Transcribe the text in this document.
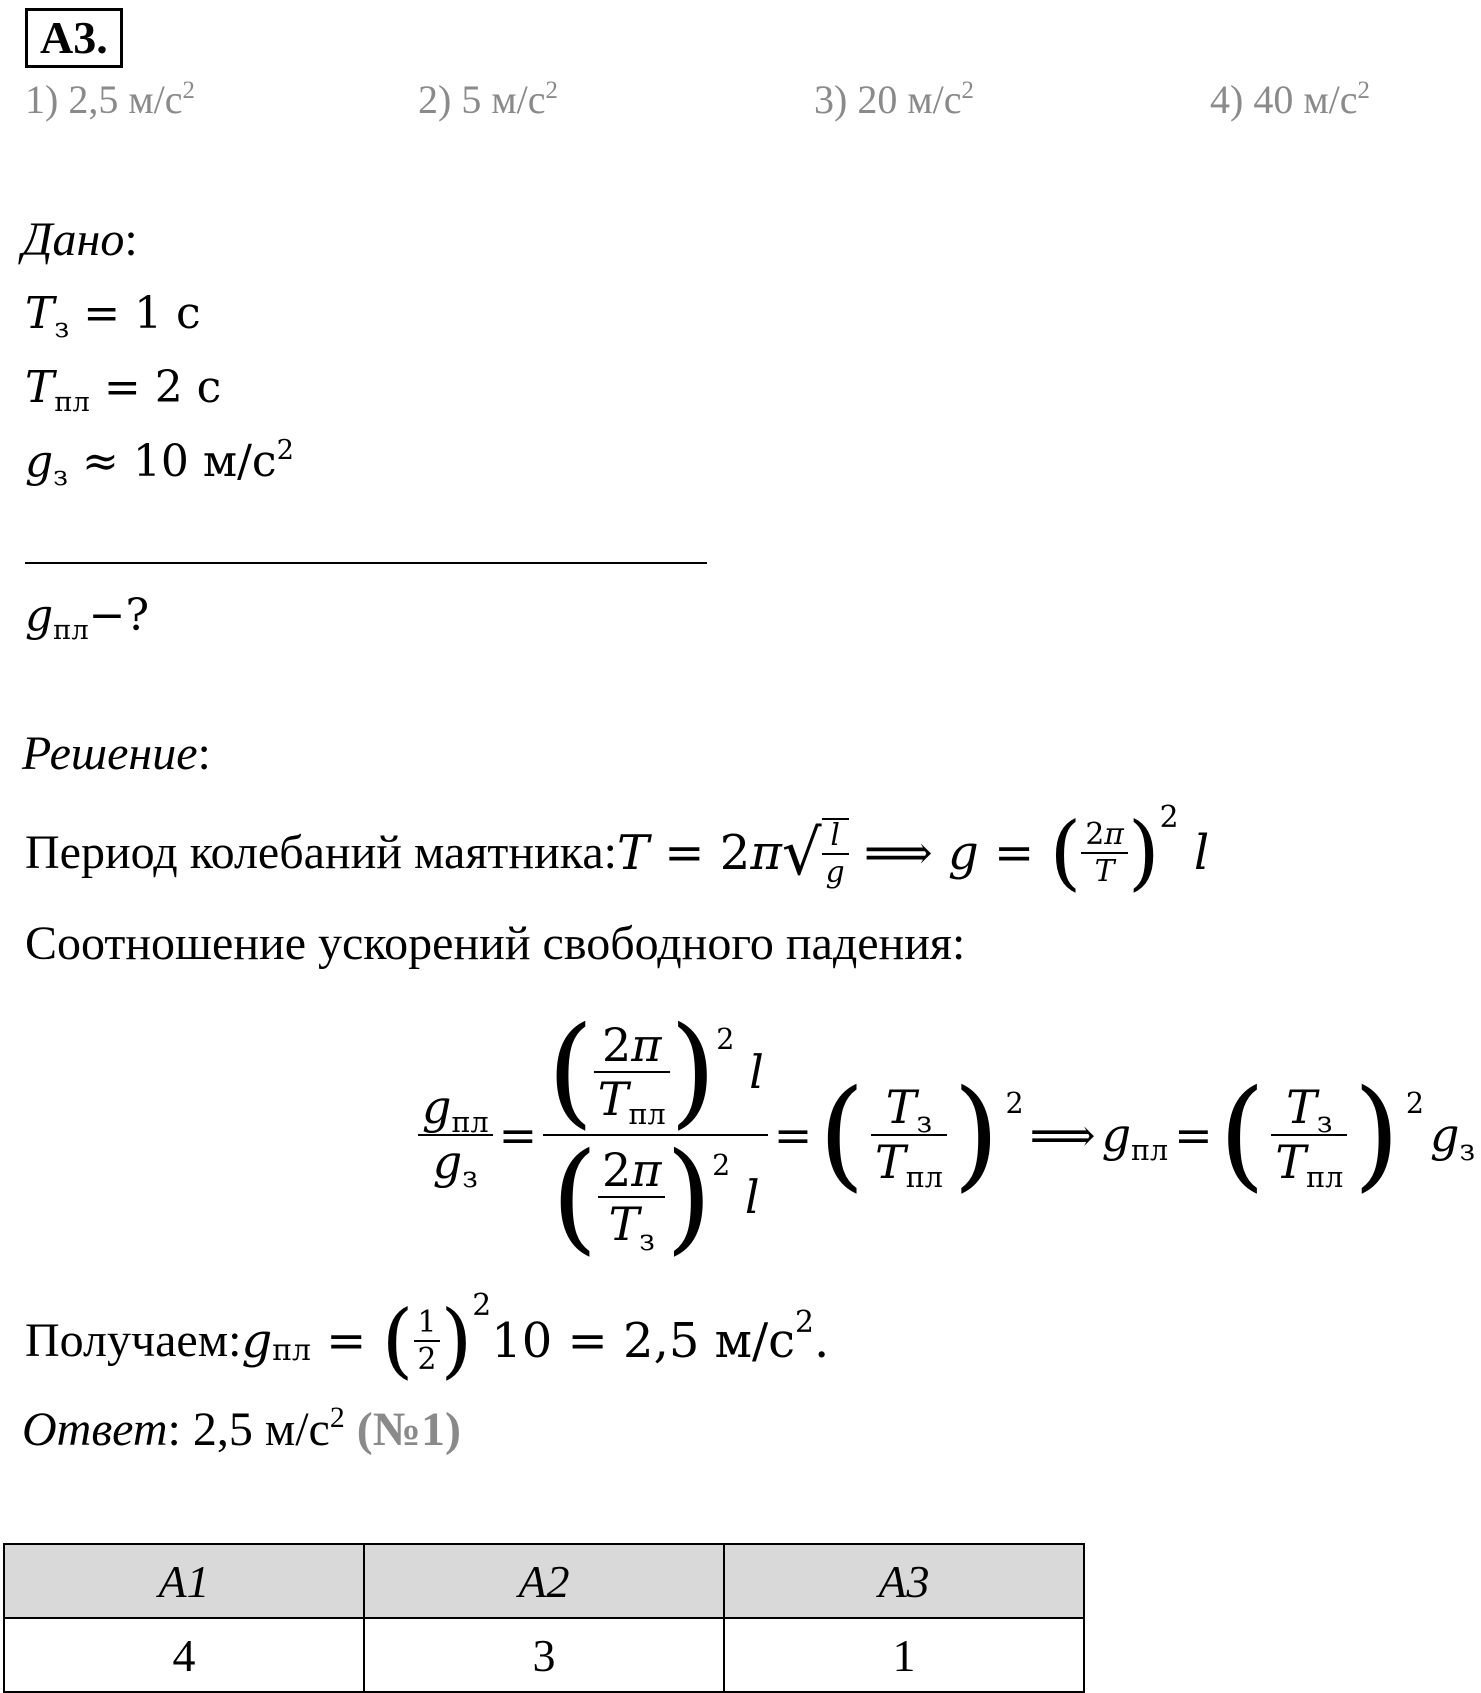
А3.
1) 2,5 $м/с^2$	2) 5 $м/с^2$	3) 20 $м/с^2$	4) 40 $м/с^2$
Дано:
Tз = 1 с
Tпл = 2 с
gз ≈ 10 $м/с^2$
gпл−?
Решение:
Период колебаний маятника: T = 2 π √ $\frac{l}{g}$ ⟹ g = ( $\frac{2\pi}{T}$ ) 2

l
Соотношение ускорений свободного падения:
$\frac{\text{gпл}}{gз}$ = ( $\frac{2\pi}{\text{Tпл}}$ ) 2

l
( $\frac{2\pi}{Tз}$ ) 2

l = ( $\frac{Tз}{\text{Tпл}}$ ) 2
⟹ gпл = ( $\frac{Tз}{\text{Tпл}}$ ) 2
gз
Получаем: g пл = ( $\frac{1}{2}$ ) 2
10 = 2,5 м/с 2 .
Ответ: 2,5 $м/с^2$ (№1)
А1	А2	А3
4	3	1
